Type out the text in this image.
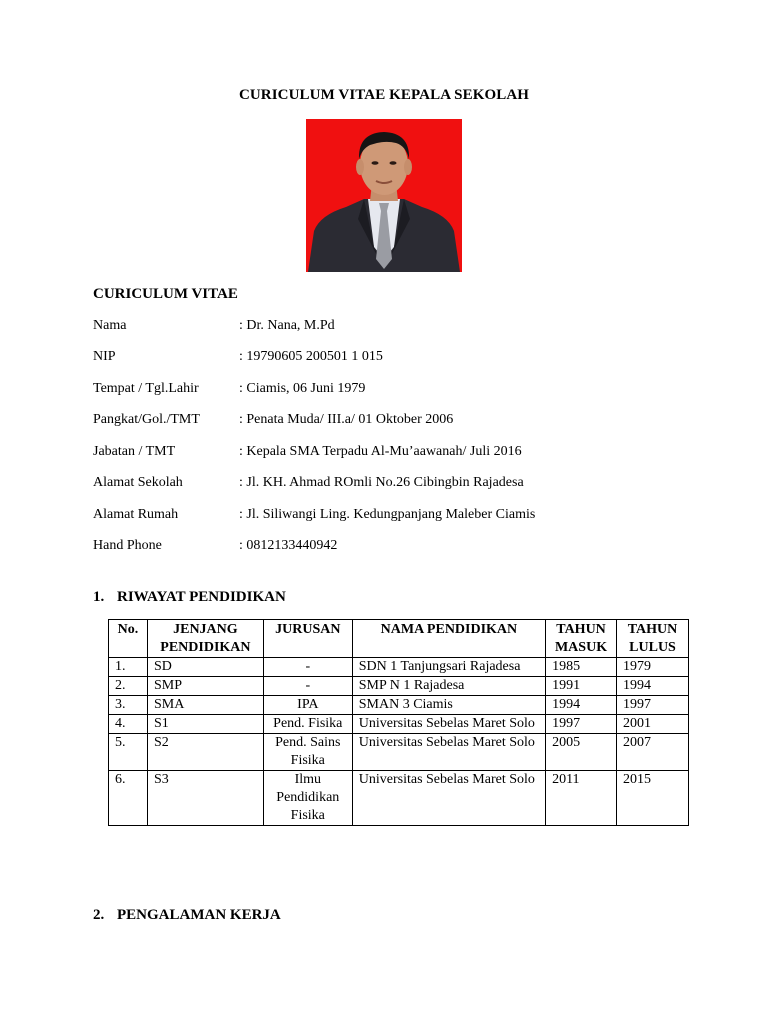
CURICULUM VITAE KEPALA SEKOLAH
CURICULUM VITAE
Nama	: Dr. Nana, M.Pd
NIP	: 19790605 200501 1 015
Tempat / Tgl.Lahir	: Ciamis, 06 Juni 1979
Pangkat/Gol./TMT	: Penata Muda/ III.a/ 01 Oktober 2006
Jabatan / TMT	: Kepala SMA Terpadu Al-Mu’aawanah/ Juli 2016
Alamat Sekolah	: Jl. KH. Ahmad ROmli No.26 Cibingbin Rajadesa
Alamat Rumah	: Jl. Siliwangi Ling. Kedungpanjang Maleber Ciamis
Hand Phone	: 0812133440942
1. RIWAYAT PENDIDIKAN
No.	JENJANG PENDIDIKAN	JURUSAN	NAMA PENDIDIKAN	TAHUN MASUK	TAHUN LULUS
1.	SD	-	SDN 1 Tanjungsari Rajadesa	1985	1979
2.	SMP	-	SMP N 1 Rajadesa	1991	1994
3.	SMA	IPA	SMAN 3 Ciamis	1994	1997
4.	S1	Pend. Fisika	Universitas Sebelas Maret Solo	1997	2001
5.	S2	Pend. Sains Fisika	Universitas Sebelas Maret Solo	2005	2007
6.	S3	Ilmu Pendidikan Fisika	Universitas Sebelas Maret Solo	2011	2015
2. PENGALAMAN KERJA
